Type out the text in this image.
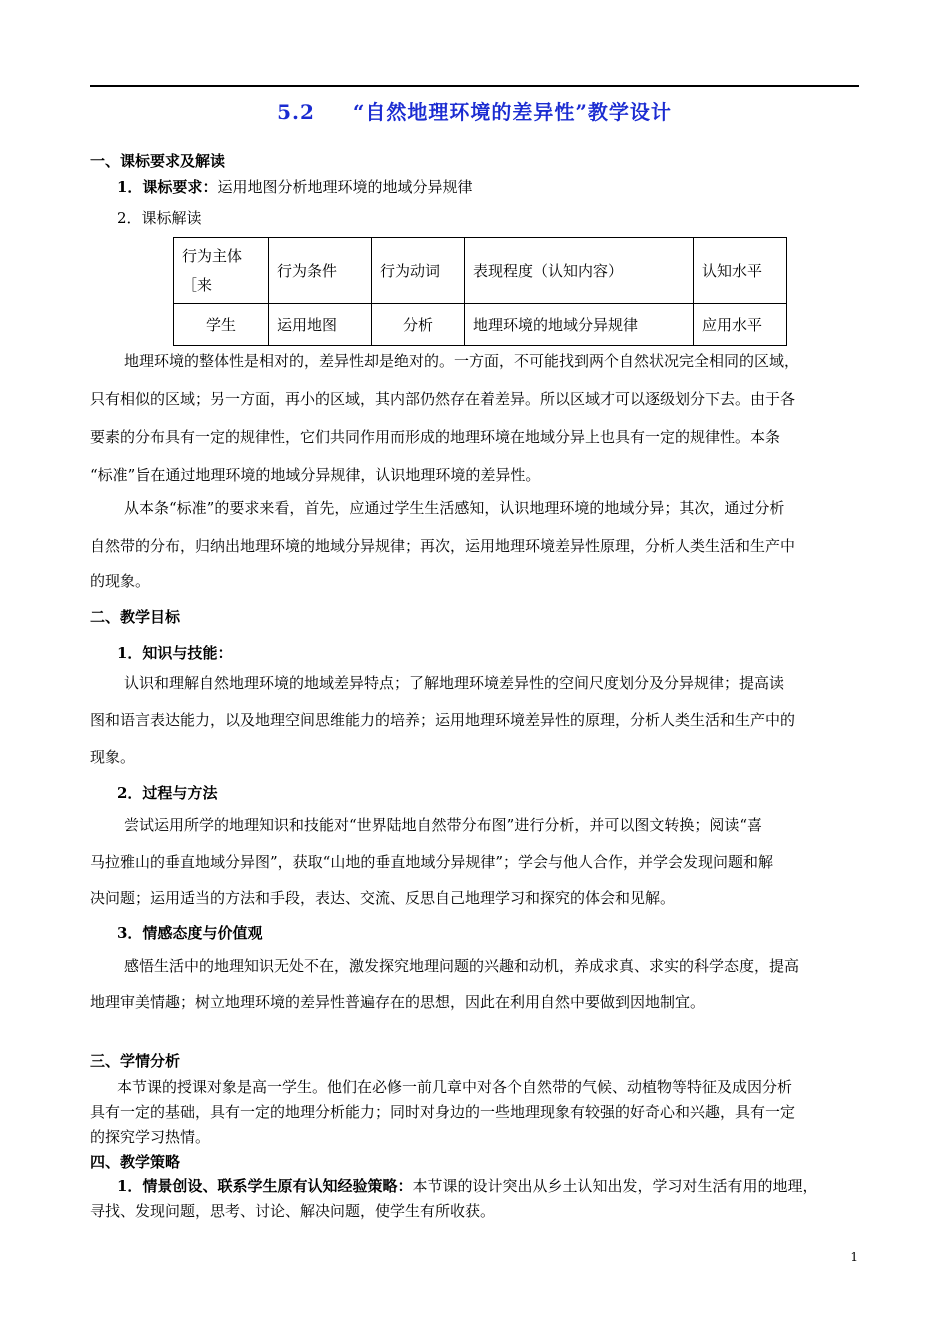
5.2 “自然地理环境的差异性”教学设计
一、课标要求及解读
1．课标要求：运用地图分析地理环境的地域分异规律
2．课标解读
行为主体［来	行为条件	行为动词	表现程度（认知内容）	认知水平
学生	运用地图	分析	地理环境的地域分异规律	应用水平
地理环境的整体性是相对的，差异性却是绝对的。一方面，不可能找到两个自然状况完全相同的区域，
只有相似的区域；另一方面，再小的区域，其内部仍然存在着差异。所以区域才可以逐级划分下去。由于各
要素的分布具有一定的规律性，它们共同作用而形成的地理环境在地域分异上也具有一定的规律性。本条
“标准”旨在通过地理环境的地域分异规律，认识地理环境的差异性。
从本条“标准”的要求来看，首先，应通过学生生活感知，认识地理环境的地域分异；其次，通过分析
自然带的分布，归纳出地理环境的地域分异规律；再次，运用地理环境差异性原理，分析人类生活和生产中
的现象。
二、教学目标
1．知识与技能：
认识和理解自然地理环境的地域差异特点；了解地理环境差异性的空间尺度划分及分异规律；提高读
图和语言表达能力，以及地理空间思维能力的培养；运用地理环境差异性的原理，分析人类生活和生产中的
现象。
2．过程与方法
尝试运用所学的地理知识和技能对“世界陆地自然带分布图”进行分析，并可以图文转换；阅读“喜
马拉雅山的垂直地域分异图”，获取“山地的垂直地域分异规律”；学会与他人合作，并学会发现问题和解
决问题；运用适当的方法和手段，表达、交流、反思自己地理学习和探究的体会和见解。
3．情感态度与价值观
感悟生活中的地理知识无处不在，激发探究地理问题的兴趣和动机，养成求真、求实的科学态度，提高
地理审美情趣；树立地理环境的差异性普遍存在的思想，因此在利用自然中要做到因地制宜。
三、学情分析
本节课的授课对象是高一学生。他们在必修一前几章中对各个自然带的气候、动植物等特征及成因分析
具有一定的基础，具有一定的地理分析能力；同时对身边的一些地理现象有较强的好奇心和兴趣，具有一定
的探究学习热情。
四、教学策略
1．情景创设、联系学生原有认知经验策略：本节课的设计突出从乡土认知出发，学习对生活有用的地理，
寻找、发现问题，思考、讨论、解决问题，使学生有所收获。
1
